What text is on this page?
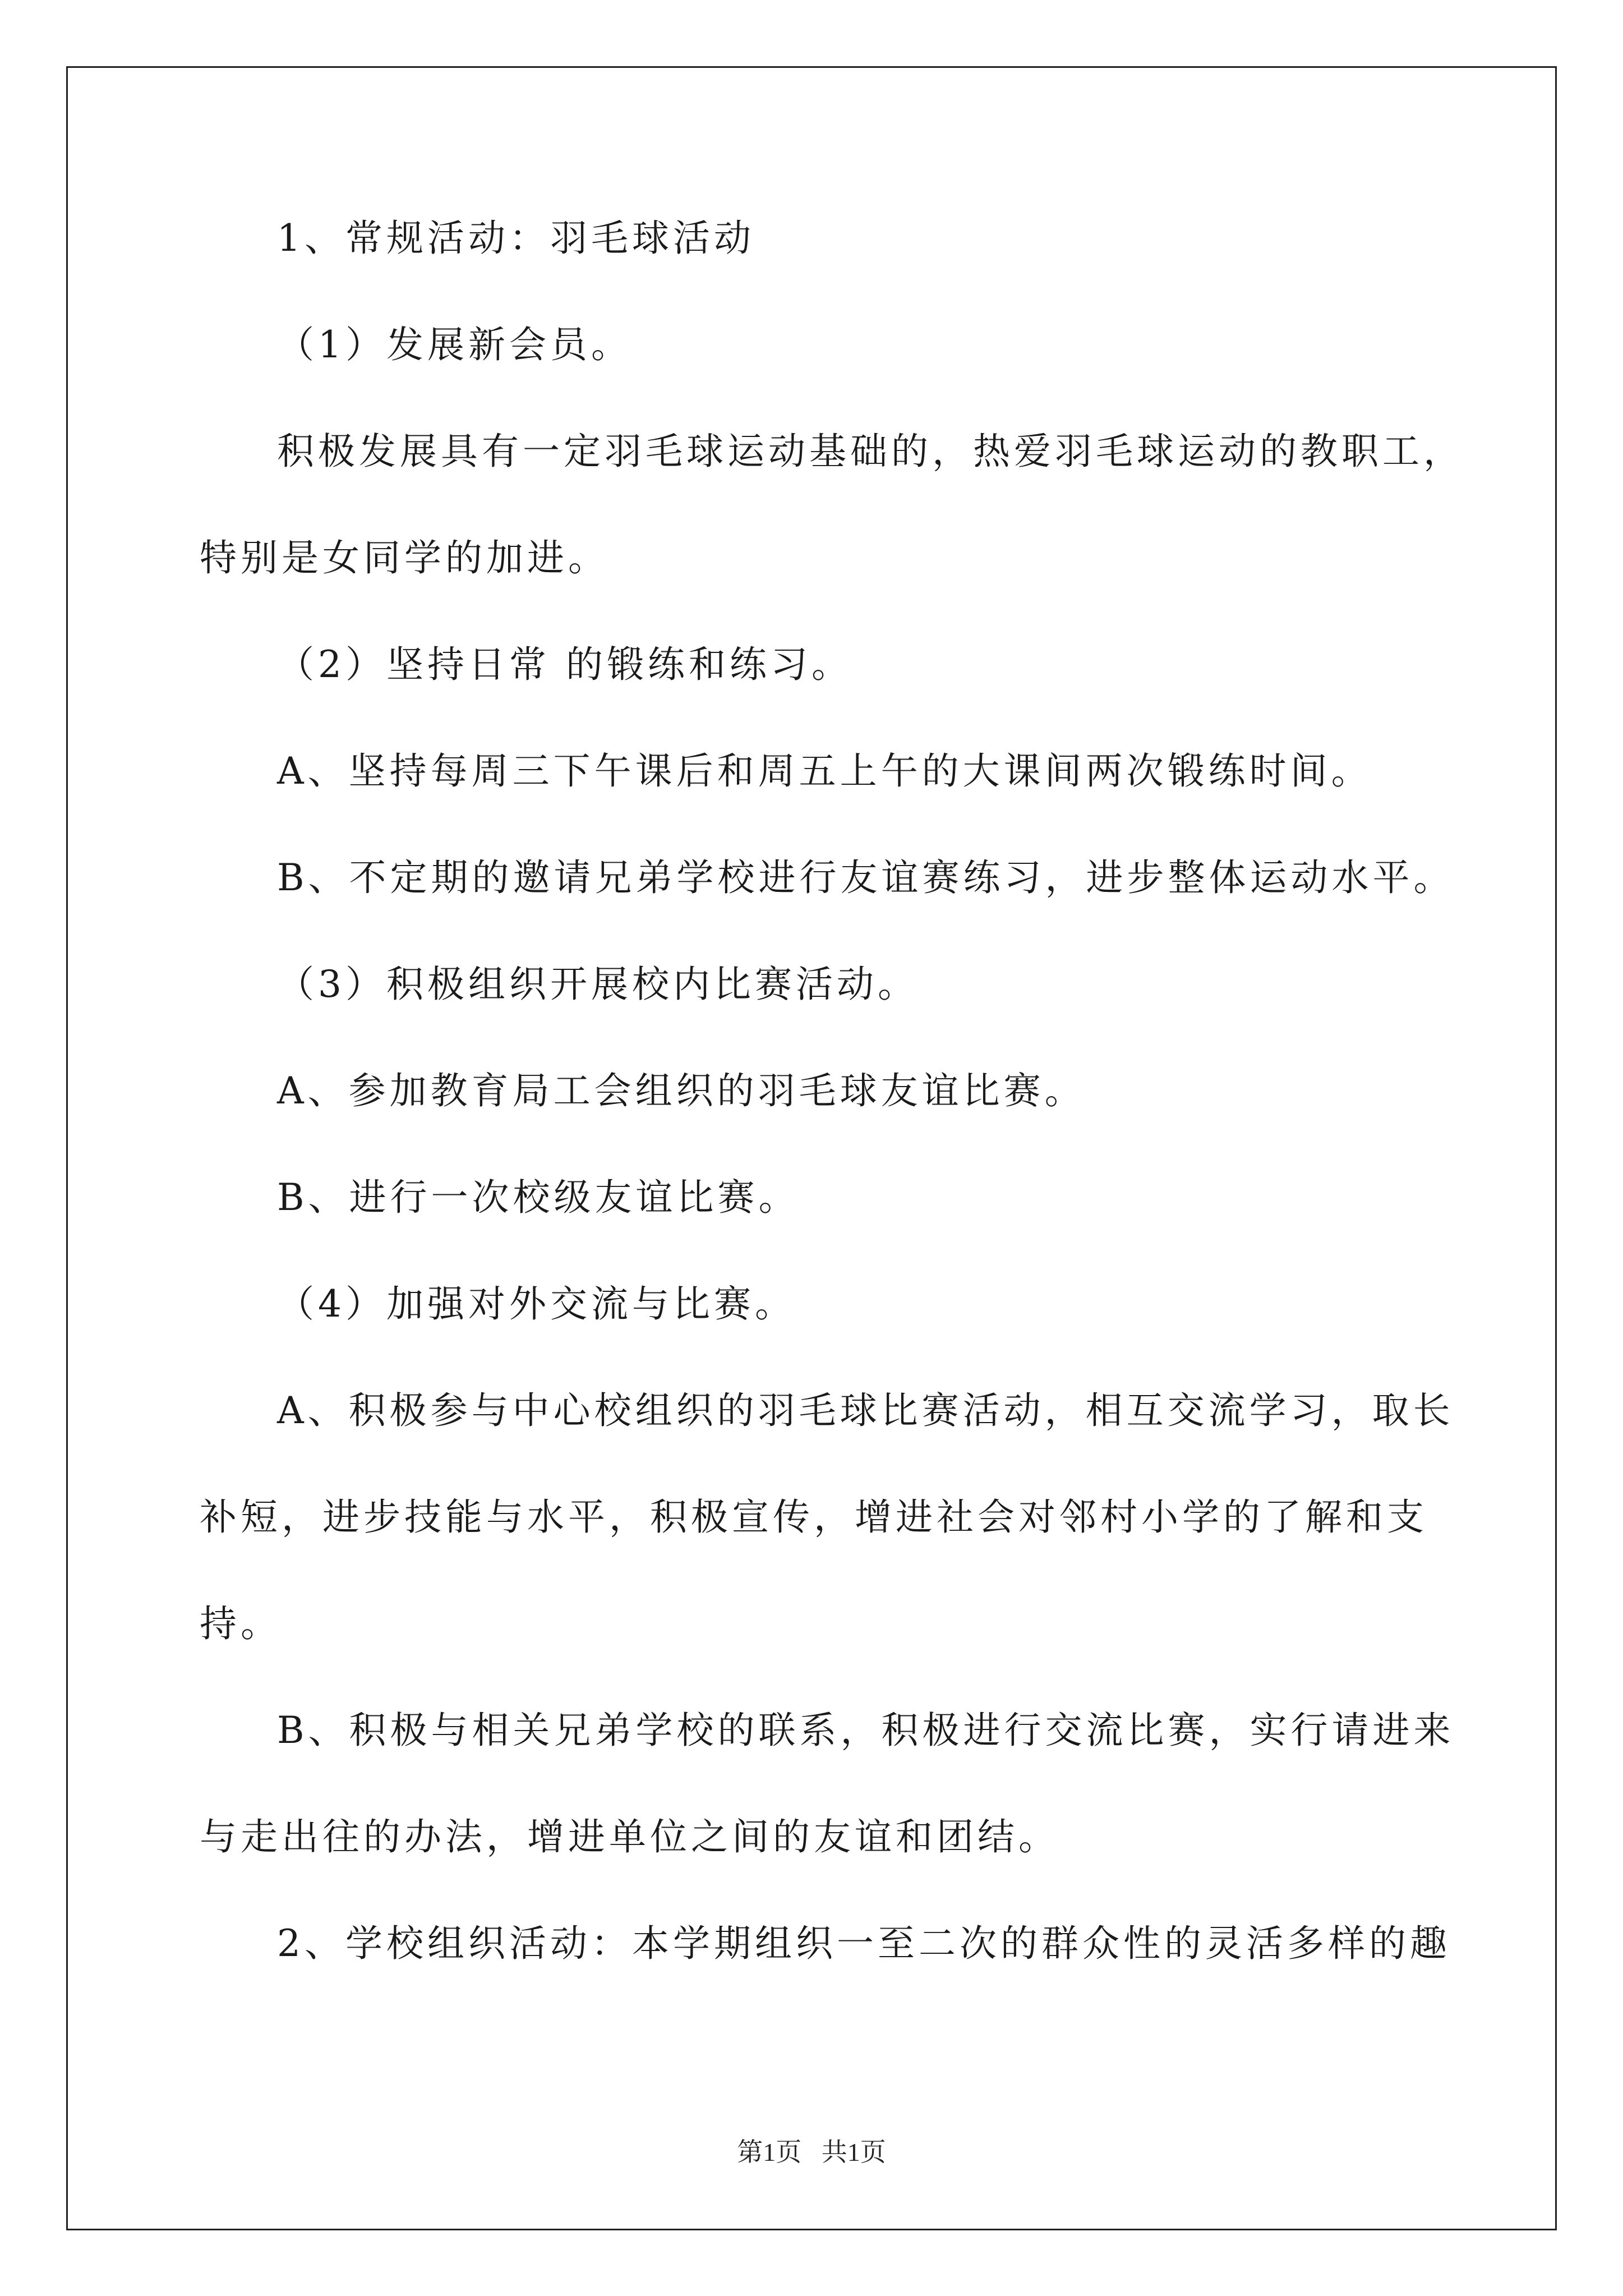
1、常规活动：羽毛球活动

（1）发展新会员。

积极发展具有一定羽毛球运动基础的，热爱羽毛球运动的教职工，
特别是女同学的加进。

（2）坚持日常 的锻练和练习。

A、坚持每周三下午课后和周五上午的大课间两次锻练时间。

B、不定期的邀请兄弟学校进行友谊赛练习，进步整体运动水平。

（3）积极组织开展校内比赛活动。

A、参加教育局工会组织的羽毛球友谊比赛。

B、进行一次校级友谊比赛。

（4）加强对外交流与比赛。

A、积极参与中心校组织的羽毛球比赛活动，相互交流学习，取长
补短，进步技能与水平，积极宣传，增进社会对邻村小学的了解和支
持。

B、积极与相关兄弟学校的联系，积极进行交流比赛，实行请进来
与走出往的办法，增进单位之间的友谊和团结。

2、学校组织活动：本学期组织一至二次的群众性的灵活多样的趣

第1页 共1页
